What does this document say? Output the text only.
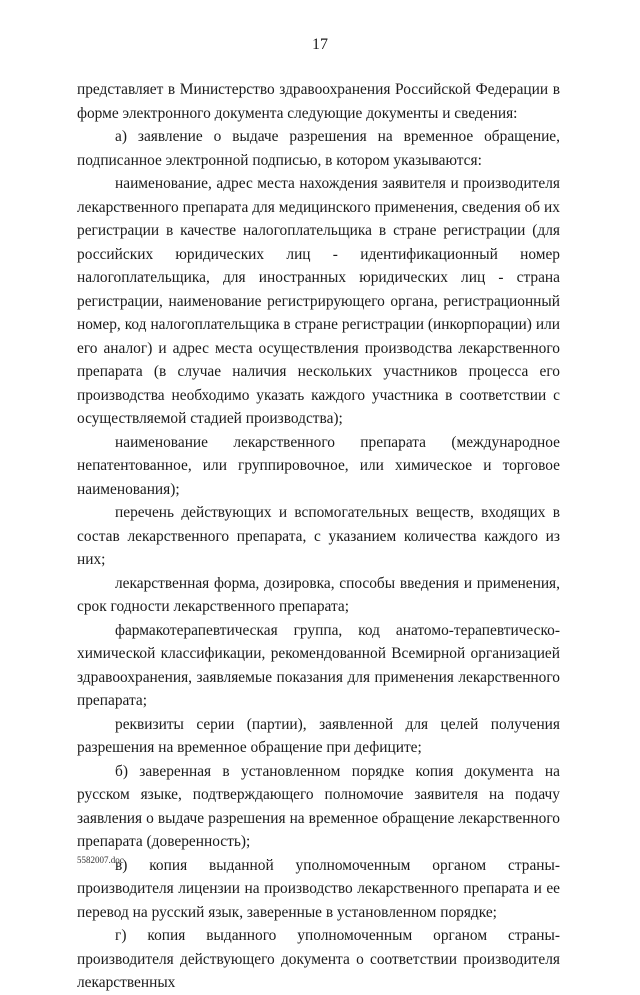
17

представляет в Министерство здравоохранения Российской Федерации в форме электронного документа следующие документы и сведения:

а) заявление о выдаче разрешения на временное обращение, подписанное электронной подписью, в котором указываются:

наименование, адрес места нахождения заявителя и производителя лекарственного препарата для медицинского применения, сведения об их регистрации в качестве налогоплательщика в стране регистрации (для российских юридических лиц - идентификационный номер налогоплательщика, для иностранных юридических лиц - страна регистрации, наименование регистрирующего органа, регистрационный номер, код налогоплательщика в стране регистрации (инкорпорации) или его аналог) и адрес места осуществления производства лекарственного препарата (в случае наличия нескольких участников процесса его производства необходимо указать каждого участника в соответствии с осуществляемой стадией производства);

наименование лекарственного препарата (международное непатентованное, или группировочное, или химическое и торговое наименования);

перечень действующих и вспомогательных веществ, входящих в состав лекарственного препарата, с указанием количества каждого из них;

лекарственная форма, дозировка, способы введения и применения, срок годности лекарственного препарата;

фармакотерапевтическая группа, код анатомо-терапевтическо-химической классификации, рекомендованной Всемирной организацией здравоохранения, заявляемые показания для применения лекарственного препарата;

реквизиты серии (партии), заявленной для целей получения разрешения на временное обращение при дефиците;

б) заверенная в установленном порядке копия документа на русском языке, подтверждающего полномочие заявителя на подачу заявления о выдаче разрешения на временное обращение лекарственного препарата (доверенность);

в) копия выданной уполномоченным органом страны-производителя лицензии на производство лекарственного препарата и ее перевод на русский язык, заверенные в установленном порядке;

г) копия выданного уполномоченным органом страны-производителя действующего документа о соответствии производителя лекарственных

5582007.doc
